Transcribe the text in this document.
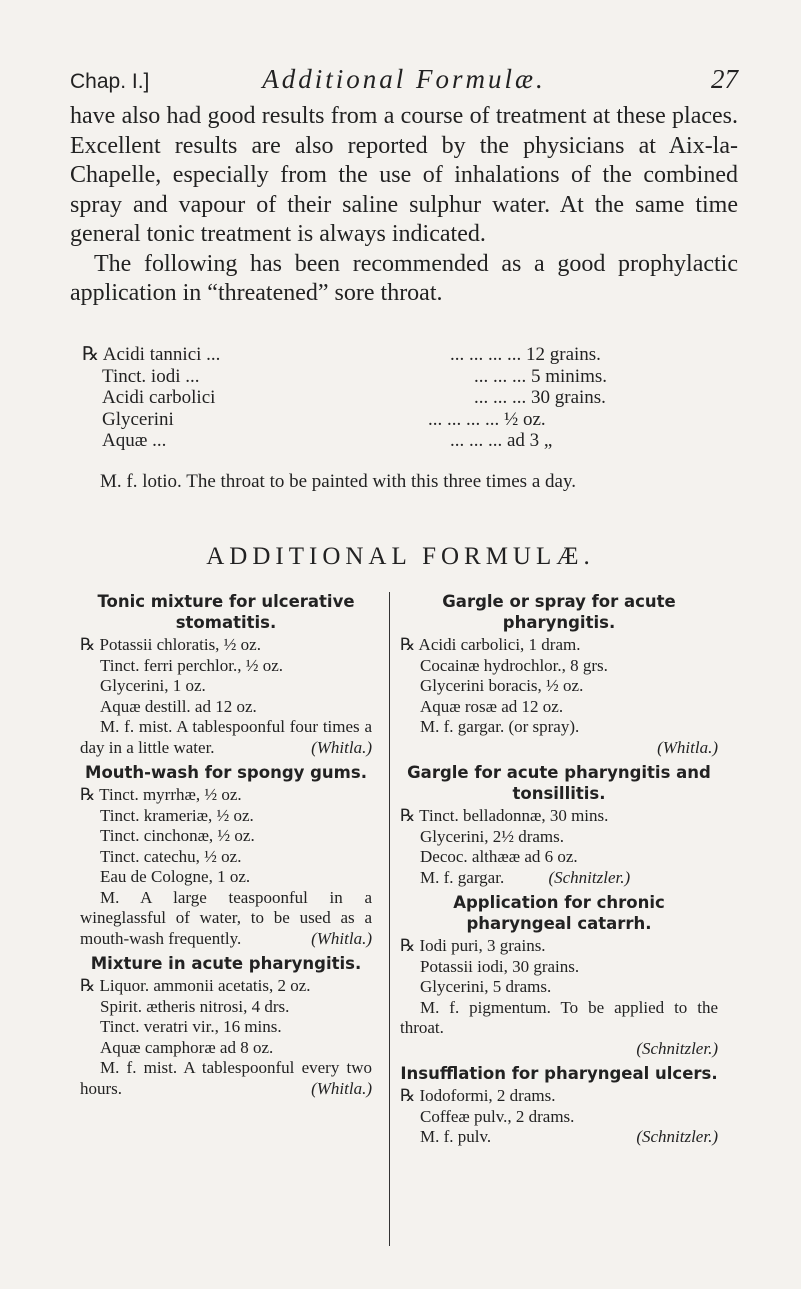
Chap. I.]	Additional Formulæ.	27

have also had good results from a course of treatment at these places. Excellent results are also reported by the physicians at Aix-la-Chapelle, especially from the use of inhalations of the combined spray and vapour of their saline sulphur water. At the same time general tonic treatment is always indicated.

The following has been recommended as a good prophylactic application in “threatened” sore throat.

℞ Acidi tannici ...	... ... ... ... 12 grains.
Tinct. iodi ...	... ... ... 5 minims.
Acidi carbolici	... ... ... 30 grains.
Glycerini	... ... ... ... ½ oz.
Aquæ ...	... ... ... ad 3 „

M. f. lotio. The throat to be painted with this three times a day.

ADDITIONAL FORMULÆ.

Tonic mixture for ulcerative stomatitis.

℞ Potassii chloratis, ½ oz.

Tinct. ferri perchlor., ½ oz.

Glycerini, 1 oz.

Aquæ destill. ad 12 oz.

M. f. mist. A tablespoonful four times a day in a little water.	(Whitla.)

Mouth-wash for spongy gums.

℞ Tinct. myrrhæ, ½ oz.

Tinct. krameriæ, ½ oz.

Tinct. cinchonæ, ½ oz.

Tinct. catechu, ½ oz.

Eau de Cologne, 1 oz.

M. A large teaspoonful in a wineglassful of water, to be used as a mouth-wash frequently.	(Whitla.)

Mixture in acute pharyngitis.

℞ Liquor. ammonii acetatis, 2 oz.

Spirit. ætheris nitrosi, 4 drs.

Tinct. veratri vir., 16 mins.

Aquæ camphoræ ad 8 oz.

M. f. mist. A tablespoonful every two hours.	(Whitla.)

Gargle or spray for acute pharyngitis.

℞ Acidi carbolici, 1 dram.

Cocainæ hydrochlor., 8 grs.

Glycerini boracis, ½ oz.

Aquæ rosæ ad 12 oz.

M. f. gargar. (or spray).

(Whitla.)

Gargle for acute pharyngitis and tonsillitis.

℞ Tinct. belladonnæ, 30 mins.

Glycerini, 2½ drams.

Decoc. althææ ad 6 oz.

M. f. gargar.	(Schnitzler.)

Application for chronic pharyngeal catarrh.

℞ Iodi puri, 3 grains.

Potassii iodi, 30 grains.

Glycerini, 5 drams.

M. f. pigmentum. To be applied to the throat.

(Schnitzler.)

Insufflation for pharyngeal ulcers.

℞ Iodoformi, 2 drams.

Coffeæ pulv., 2 drams.

M. f. pulv.	(Schnitzler.)
